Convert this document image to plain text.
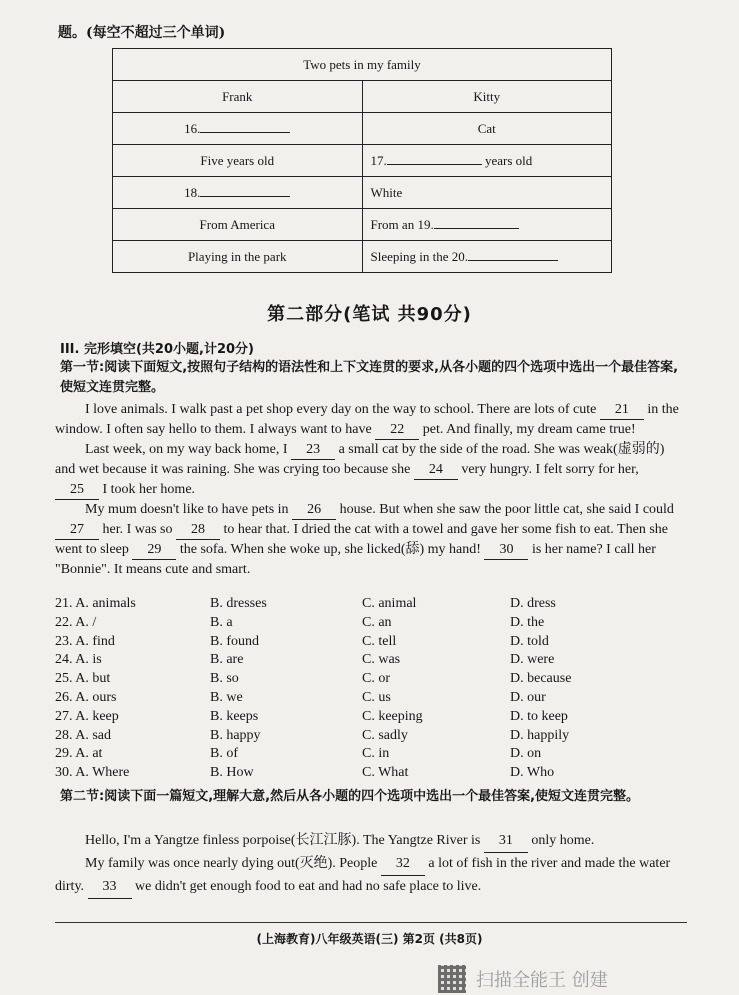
题。(每空不超过三个单词)
Two pets in my family	
Frank	Kitty
16.	Cat
Five years old	17. years old
18.	White
From America	From an 19.
Playing in the park	Sleeping in the 20.
第二部分(笔试 共90分)
III. 完形填空(共20小题,计20分)
第一节:阅读下面短文,按照句子结构的语法性和上下文连贯的要求,从各小题的四个选项中选出一个最佳答案,使短文连贯完整。

I love animals. I walk past a pet shop every day on the way to school. There are lots of cute 21 in the window. I often say hello to them. I always want to have 22 pet. And finally, my dream came true!

Last week, on my way back home, I 23 a small cat by the side of the road. She was weak(虚弱的) and wet because it was raining. She was crying too because she 24 very hungry. I felt sorry for her, 25 I took her home.

My mum doesn't like to have pets in 26 house. But when she saw the poor little cat, she said I could 27 her. I was so 28 to hear that. I dried the cat with a towel and gave her some fish to eat. Then she went to sleep 29 the sofa. When she woke up, she licked(舔) my hand! 30 is her name? I call her "Bonnie". It means cute and smart.

21. A. animals	B. dresses	C. animal	D. dress
22. A. /	B. a	C. an	D. the
23. A. find	B. found	C. tell	D. told
24. A. is	B. are	C. was	D. were
25. A. but	B. so	C. or	D. because
26. A. ours	B. we	C. us	D. our
27. A. keep	B. keeps	C. keeping	D. to keep
28. A. sad	B. happy	C. sadly	D. happily
29. A. at	B. of	C. in	D. on
30. A. Where	B. How	C. What	D. Who
第二节:阅读下面一篇短文,理解大意,然后从各小题的四个选项中选出一个最佳答案,使短文连贯完整。

Hello, I'm a Yangtze finless porpoise(长江江豚). The Yangtze River is 31 only home.

My family was once nearly dying out(灭绝). People 32 a lot of fish in the river and made the water dirty. 33 we didn't get enough food to eat and had no safe place to live.

(上海教育)八年级英语(三) 第2页 (共8页)
扫描全能王 创建
